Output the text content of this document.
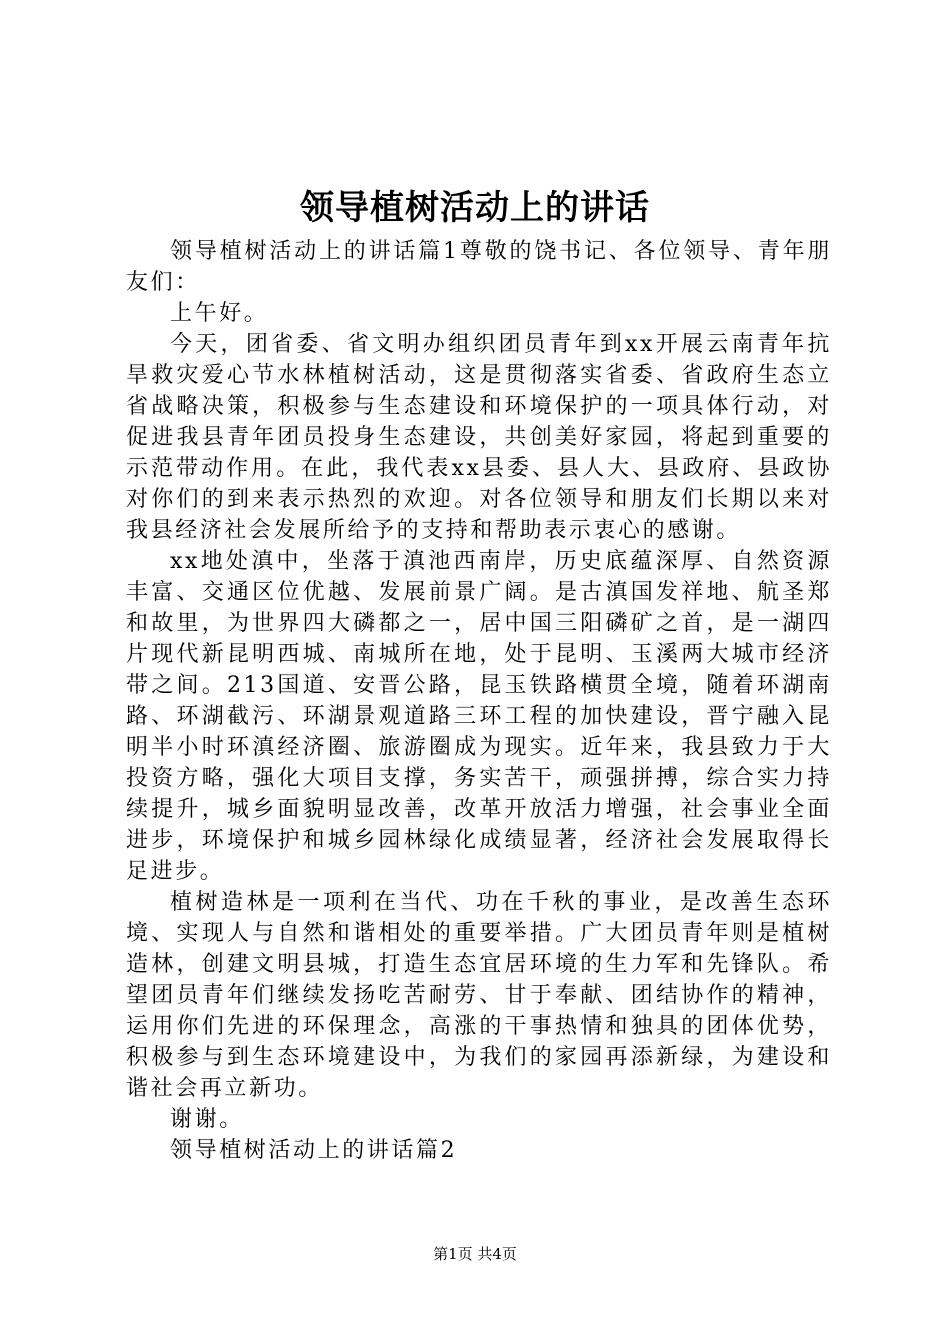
领导植树活动上的讲话

领导植树活动上的讲话篇1尊敬的饶书记、各位领导、青年朋友们：

上午好。

今天，团省委、省文明办组织团员青年到xx开展云南青年抗旱救灾爱心节水林植树活动，这是贯彻落实省委、省政府生态立省战略决策，积极参与生态建设和环境保护的一项具体行动，对促进我县青年团员投身生态建设，共创美好家园，将起到重要的示范带动作用。在此，我代表xx县委、县人大、县政府、县政协对你们的到来表示热烈的欢迎。对各位领导和朋友们长期以来对我县经济社会发展所给予的支持和帮助表示衷心的感谢。

xx地处滇中，坐落于滇池西南岸，历史底蕴深厚、自然资源丰富、交通区位优越、发展前景广阔。是古滇国发祥地、航圣郑和故里，为世界四大磷都之一，居中国三阳磷矿之首，是一湖四片现代新昆明西城、南城所在地，处于昆明、玉溪两大城市经济带之间。213国道、安晋公路，昆玉铁路横贯全境，随着环湖南路、环湖截污、环湖景观道路三环工程的加快建设，晋宁融入昆明半小时环滇经济圈、旅游圈成为现实。近年来，我县致力于大投资方略，强化大项目支撑，务实苦干，顽强拼搏，综合实力持续提升，城乡面貌明显改善，改革开放活力增强，社会事业全面进步，环境保护和城乡园林绿化成绩显著，经济社会发展取得长足进步。

植树造林是一项利在当代、功在千秋的事业，是改善生态环境、实现人与自然和谐相处的重要举措。广大团员青年则是植树造林，创建文明县城，打造生态宜居环境的生力军和先锋队。希望团员青年们继续发扬吃苦耐劳、甘于奉献、团结协作的精神，运用你们先进的环保理念，高涨的干事热情和独具的团体优势，积极参与到生态环境建设中，为我们的家园再添新绿，为建设和谐社会再立新功。

谢谢。

领导植树活动上的讲话篇2

第1页 共4页
